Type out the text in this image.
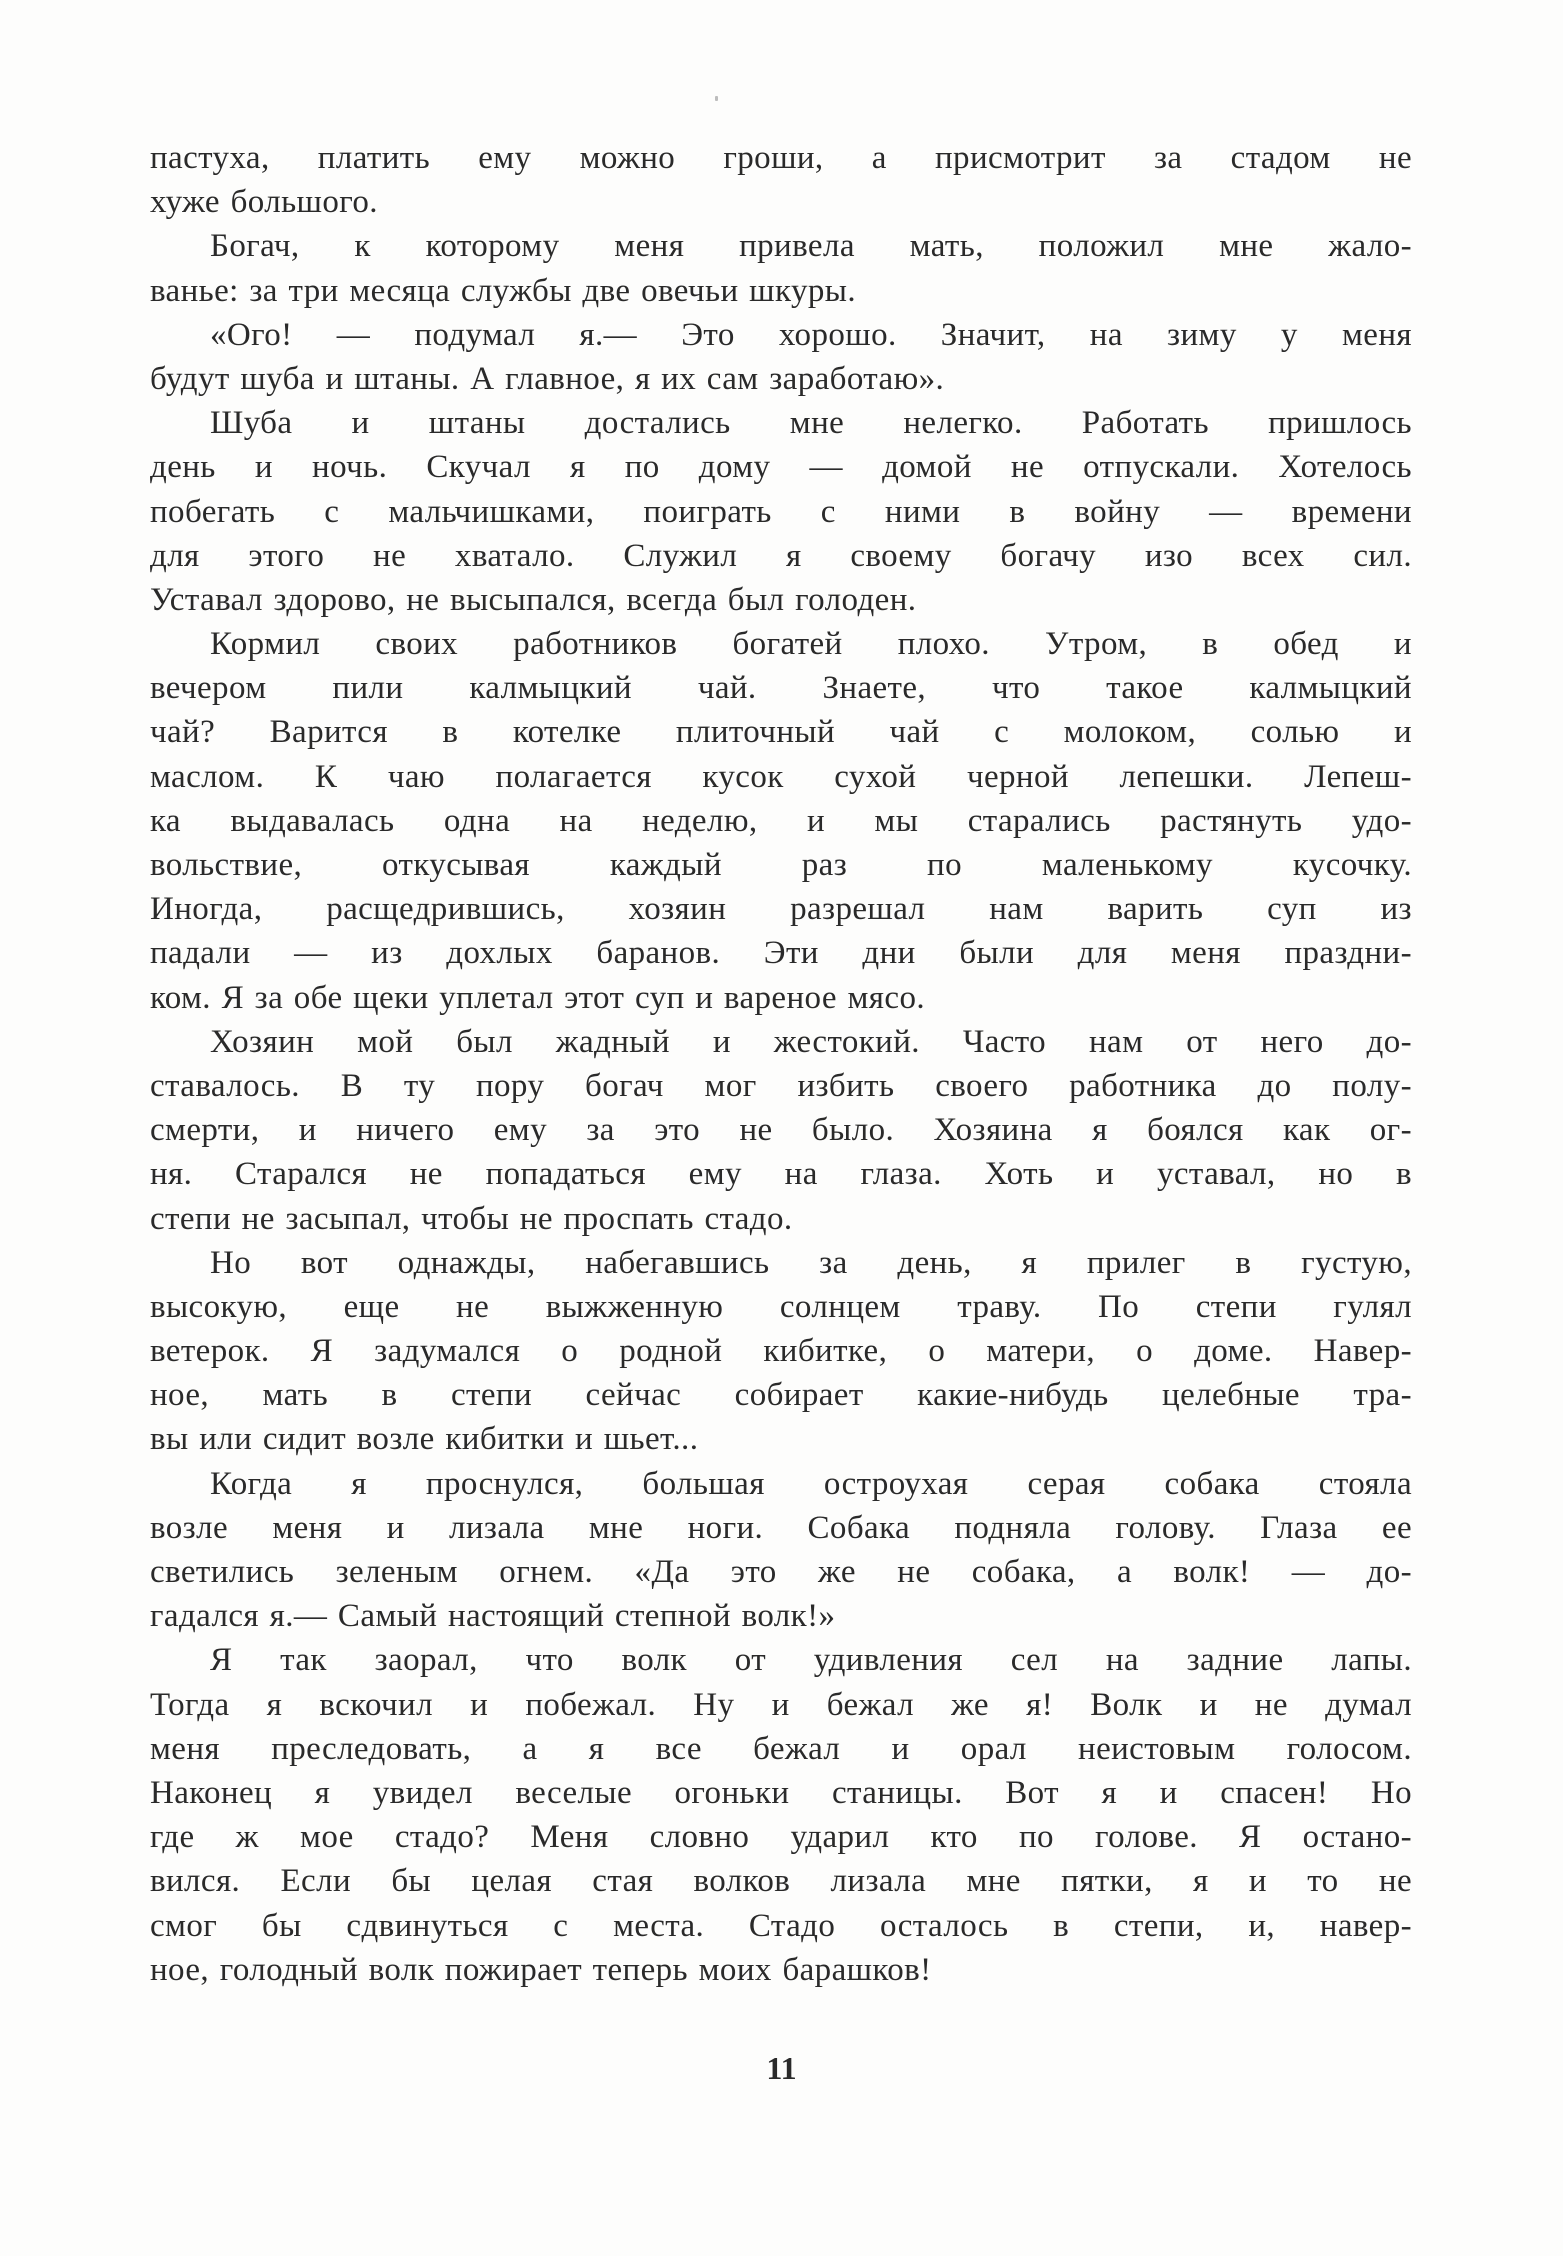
пастуха, платить ему можно гроши, а присмотрит за стадом не
хуже большого.
Богач, к которому меня привела мать, положил мне жало-
ванье: за три месяца службы две овечьи шкуры.
«Ого! — подумал я.— Это хорошо. Значит, на зиму у меня
будут шуба и штаны. А главное, я их сам заработаю».
Шуба и штаны достались мне нелегко. Работать пришлось
день и ночь. Скучал я по дому — домой не отпускали. Хотелось
побегать с мальчишками, поиграть с ними в войну — времени
для этого не хватало. Служил я своему богачу изо всех сил.
Уставал здорово, не высыпался, всегда был голоден.
Кормил своих работников богатей плохо. Утром, в обед и
вечером пили калмыцкий чай. Знаете, что такое калмыцкий
чай? Варится в котелке плиточный чай с молоком, солью и
маслом. К чаю полагается кусок сухой черной лепешки. Лепеш-
ка выдавалась одна на неделю, и мы старались растянуть удо-
вольствие, откусывая каждый раз по маленькому кусочку.
Иногда, расщедрившись, хозяин разрешал нам варить суп из
падали — из дохлых баранов. Эти дни были для меня праздни-
ком. Я за обе щеки уплетал этот суп и вареное мясо.
Хозяин мой был жадный и жестокий. Часто нам от него до-
ставалось. В ту пору богач мог избить своего работника до полу-
смерти, и ничего ему за это не было. Хозяина я боялся как ог-
ня. Старался не попадаться ему на глаза. Хоть и уставал, но в
степи не засыпал, чтобы не проспать стадо.
Но вот однажды, набегавшись за день, я прилег в густую,
высокую, еще не выжженную солнцем траву. По степи гулял
ветерок. Я задумался о родной кибитке, о матери, о доме. Навер-
ное, мать в степи сейчас собирает какие-нибудь целебные тра-
вы или сидит возле кибитки и шьет...
Когда я проснулся, большая остроухая серая собака стояла
возле меня и лизала мне ноги. Собака подняла голову. Глаза ее
светились зеленым огнем. «Да это же не собака, а волк! — до-
гадался я.— Самый настоящий степной волк!»
Я так заорал, что волк от удивления сел на задние лапы.
Тогда я вскочил и побежал. Ну и бежал же я! Волк и не думал
меня преследовать, а я все бежал и орал неистовым голосом.
Наконец я увидел веселые огоньки станицы. Вот я и спасен! Но
где ж мое стадо? Меня словно ударил кто по голове. Я остано-
вился. Если бы целая стая волков лизала мне пятки, я и то не
смог бы сдвинуться с места. Стадо осталось в степи, и, навер-
ное, голодный волк пожирает теперь моих барашков!
11
